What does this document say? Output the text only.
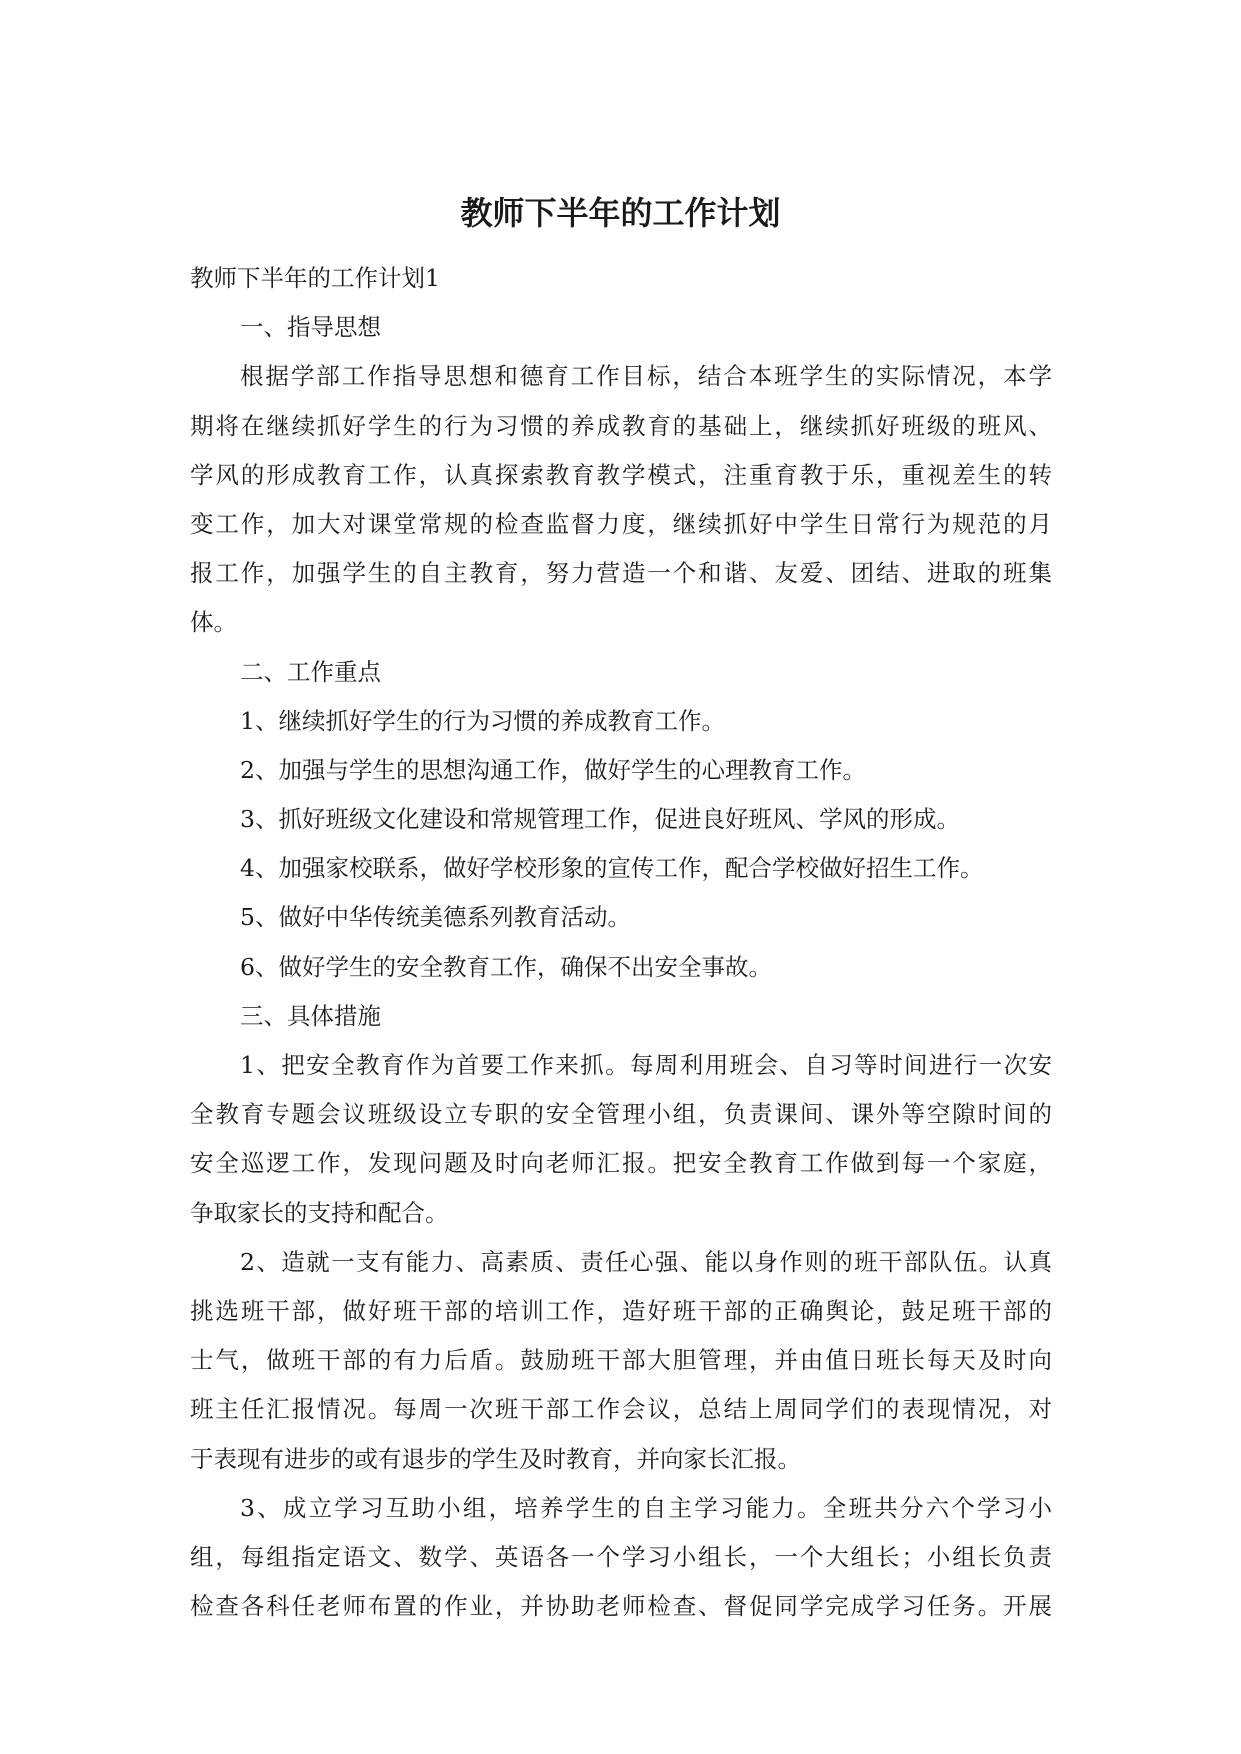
教师下半年的工作计划

教师下半年的工作计划1

一、指导思想

根据学部工作指导思想和德育工作目标，结合本班学生的实际情况，本学

期将在继续抓好学生的行为习惯的养成教育的基础上，继续抓好班级的班风、

学风的形成教育工作，认真探索教育教学模式，注重育教于乐，重视差生的转

变工作，加大对课堂常规的检查监督力度，继续抓好中学生日常行为规范的月

报工作，加强学生的自主教育，努力营造一个和谐、友爱、团结、进取的班集

体。

二、工作重点

1、继续抓好学生的行为习惯的养成教育工作。

2、加强与学生的思想沟通工作，做好学生的心理教育工作。

3、抓好班级文化建设和常规管理工作，促进良好班风、学风的形成。

4、加强家校联系，做好学校形象的宣传工作，配合学校做好招生工作。

5、做好中华传统美德系列教育活动。

6、做好学生的安全教育工作，确保不出安全事故。

三、具体措施

1、把安全教育作为首要工作来抓。每周利用班会、自习等时间进行一次安

全教育专题会议班级设立专职的安全管理小组，负责课间、课外等空隙时间的

安全巡逻工作，发现问题及时向老师汇报。把安全教育工作做到每一个家庭，

争取家长的支持和配合。

2、造就一支有能力、高素质、责任心强、能以身作则的班干部队伍。认真

挑选班干部，做好班干部的培训工作，造好班干部的正确舆论，鼓足班干部的

士气，做班干部的有力后盾。鼓励班干部大胆管理，并由值日班长每天及时向

班主任汇报情况。每周一次班干部工作会议，总结上周同学们的表现情况，对

于表现有进步的或有退步的学生及时教育，并向家长汇报。

3、成立学习互助小组，培养学生的自主学习能力。全班共分六个学习小

组，每组指定语文、数学、英语各一个学习小组长，一个大组长；小组长负责

检查各科任老师布置的作业，并协助老师检查、督促同学完成学习任务。开展
